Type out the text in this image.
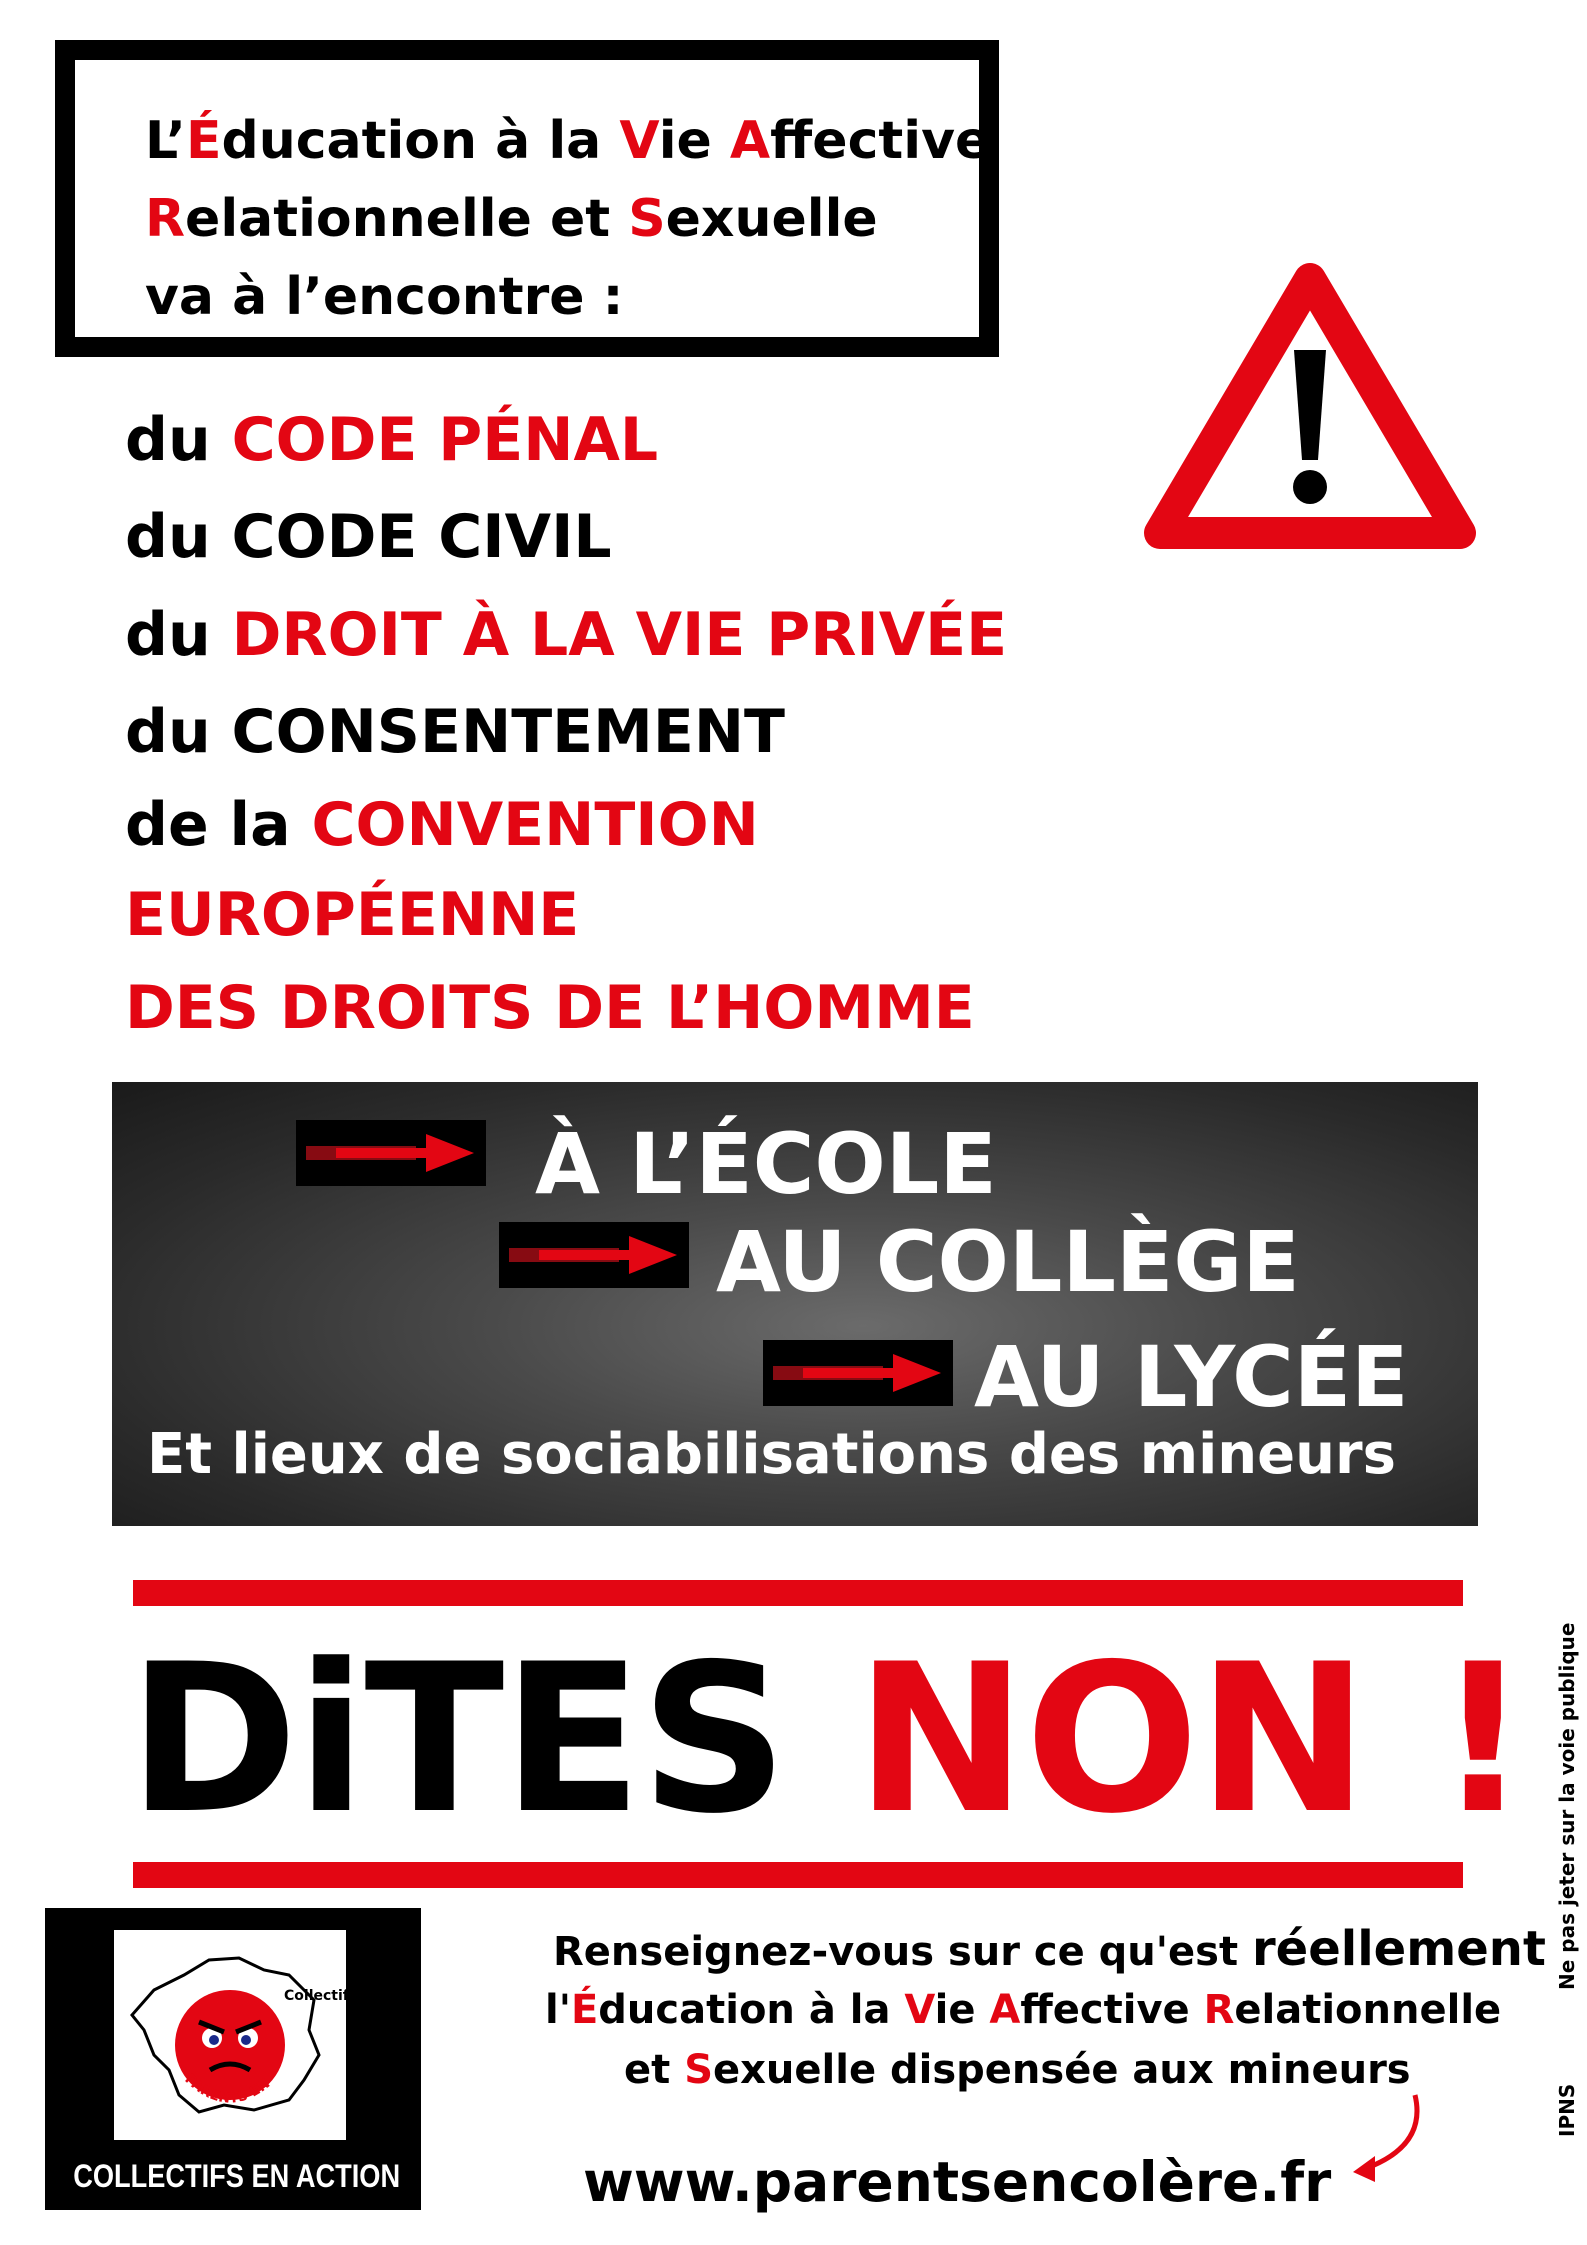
L’Éducation à la Vie Affective
Relationnelle et Sexuelle
va à l’encontre :
du CODE PÉNAL
du CODE CIVIL
du DROIT À LA VIE PRIVÉE
du CONSENTEMENT
de la CONVENTION
EUROPÉENNE
DES DROITS DE L’HOMME
À L’ÉCOLE
AU COLLÈGE
AU LYCÉE
Et lieux de sociabilisations des mineurs
DiTES NON !
PARENTS EN
Collectif
COLLECTIFS EN ACTION
Renseignez-vous sur ce qu'est réellement
l'Éducation à la Vie Affective Relationnelle
et Sexuelle dispensée aux mineurs
www.parentsencolère.fr
Ne pas jeter sur la voie publique
IPNS
